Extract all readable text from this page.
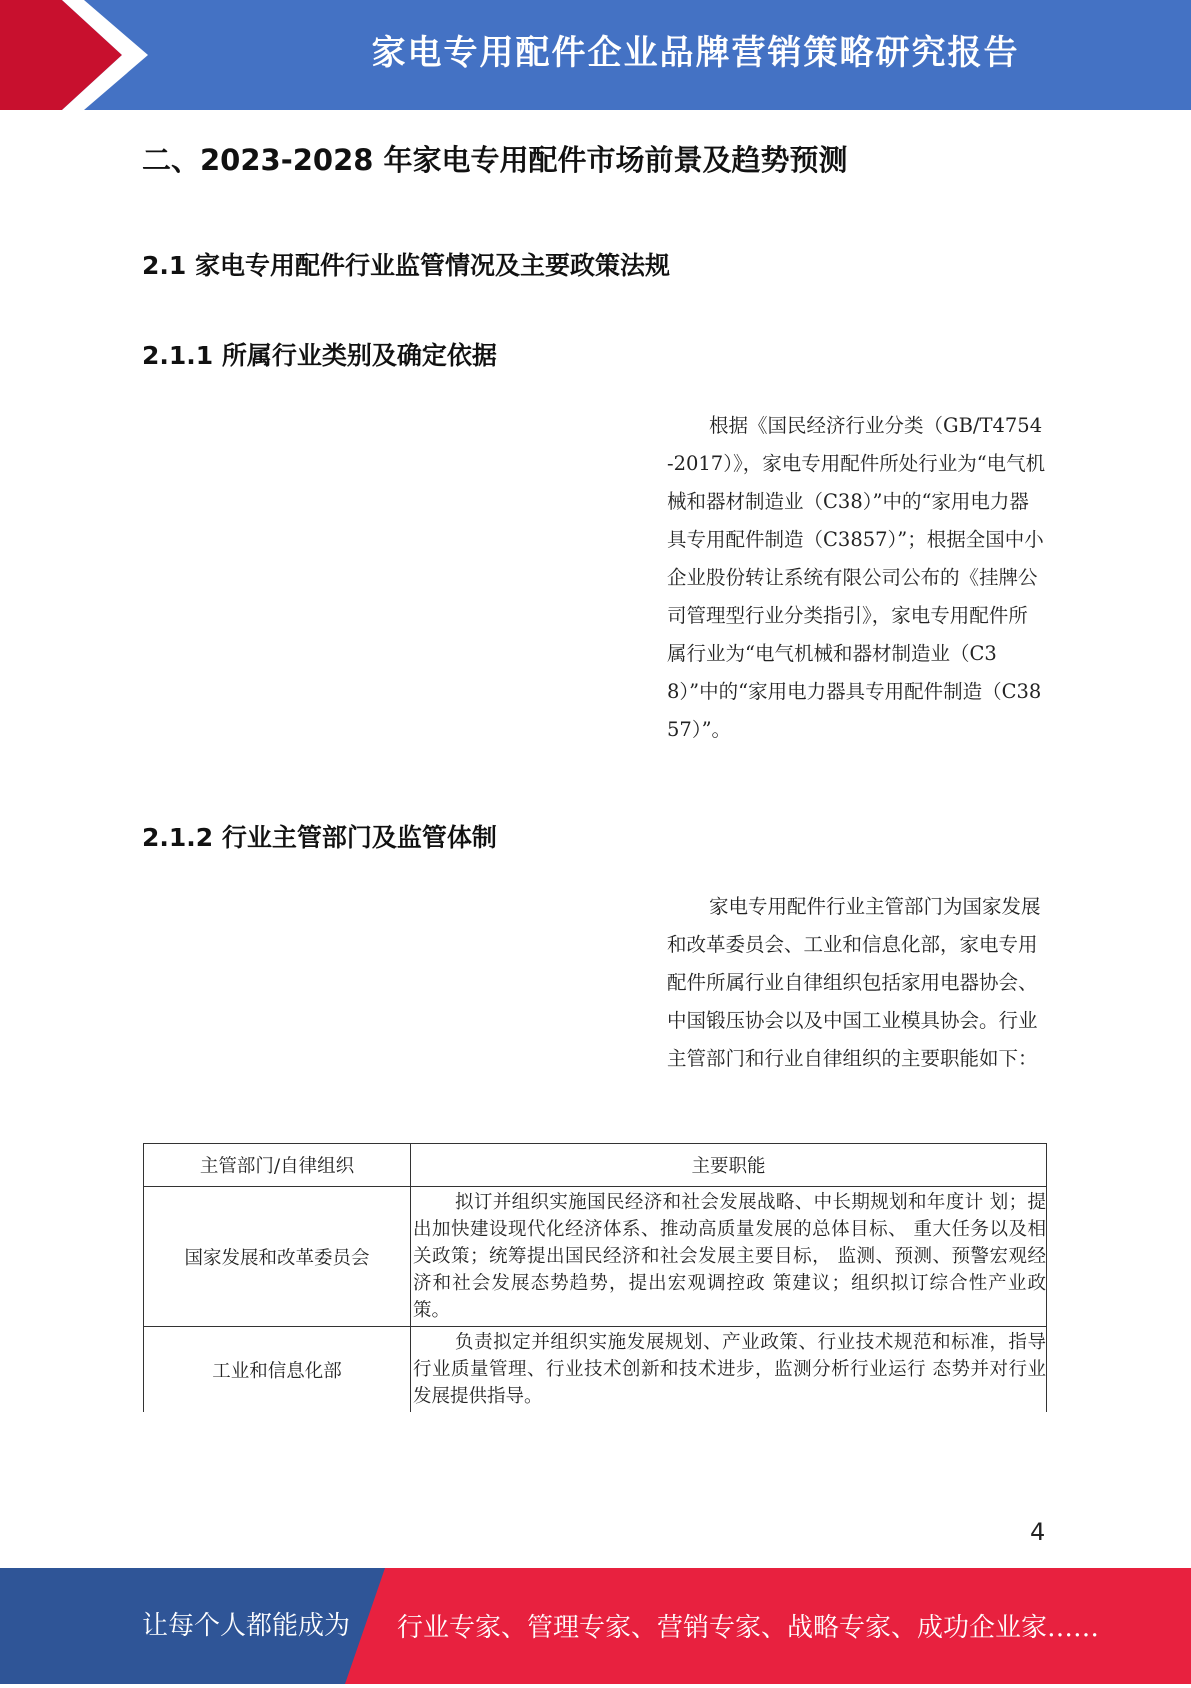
家电专用配件企业品牌营销策略研究报告
二、2023-2028 年家电专用配件市场前景及趋势预测
2.1 家电专用配件行业监管情况及主要政策法规
2.1.1 所属行业类别及确定依据
根据《国民经济行业分类（GB/T4754-2017）》，家电专用配件所处行业为“电气机械和器材制造业（C38）”中的“家用电力器具专用配件制造（C3857）”；根据全国中小企业股份转让系统有限公司公布的《挂牌公司管理型行业分类指引》，家电专用配件所属行业为“电气机械和器材制造业（C38）”中的“家用电力器具专用配件制造（C3857）”。
2.1.2 行业主管部门及监管体制
家电专用配件行业主管部门为国家发展和改革委员会、工业和信息化部，家电专用配件所属行业自律组织包括家用电器协会、中国锻压协会以及中国工业模具协会。行业主管部门和行业自律组织的主要职能如下：
主管部门/自律组织	主要职能
国家发展和改革委员会	拟订并组织实施国民经济和社会发展战略、中长期规划和年度计 划；提出加快建设现代化经济体系、推动高质量发展的总体目标、 重大任务以及相关政策；统筹提出国民经济和社会发展主要目标， 监测、预测、预警宏观经济和社会发展态势趋势，提出宏观调控政 策建议；组织拟订综合性产业政策。
工业和信息化部	负责拟定并组织实施发展规划、产业政策、行业技术规范和标准，指导行业质量管理、行业技术创新和技术进步，监测分析行业运行 态势并对行业发展提供指导。
4
让每个人都能成为 行业专家、管理专家、营销专家、战略专家、成功企业家……
